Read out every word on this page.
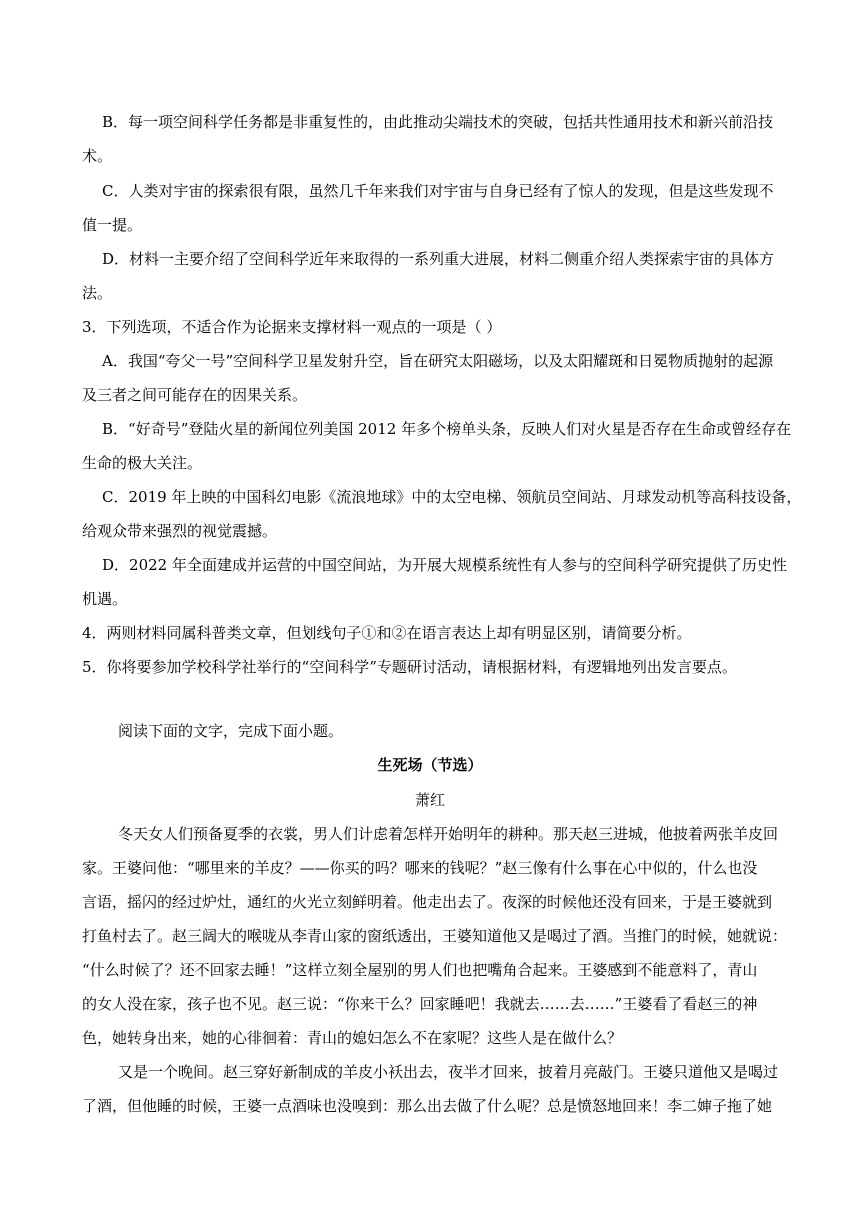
B．每一项空间科学任务都是非重复性的，由此推动尖端技术的突破，包括共性通用技术和新兴前沿技
术。
C．人类对宇宙的探索很有限，虽然几千年来我们对宇宙与自身已经有了惊人的发现，但是这些发现不
值一提。
D．材料一主要介绍了空间科学近年来取得的一系列重大进展，材料二侧重介绍人类探索宇宙的具体方
法。
3．下列选项，不适合作为论据来支撑材料一观点的一项是（ ）
A．我国“夸父一号”空间科学卫星发射升空，旨在研究太阳磁场，以及太阳耀斑和日冕物质抛射的起源
及三者之间可能存在的因果关系。
B．“好奇号”登陆火星的新闻位列美国 2012 年多个榜单头条，反映人们对火星是否存在生命或曾经存在
生命的极大关注。
C．2019 年上映的中国科幻电影《流浪地球》中的太空电梯、领航员空间站、月球发动机等高科技设备，
给观众带来强烈的视觉震撼。
D．2022 年全面建成并运营的中国空间站，为开展大规模系统性有人参与的空间科学研究提供了历史性
机遇。
4．两则材料同属科普类文章，但划线句子①和②在语言表达上却有明显区别，请简要分析。
5．你将要参加学校科学社举行的“空间科学”专题研讨活动，请根据材料，有逻辑地列出发言要点。
阅读下面的文字，完成下面小题。
生死场（节选）
萧红
冬天女人们预备夏季的衣裳，男人们计虑着怎样开始明年的耕种。那天赵三进城，他披着两张羊皮回
家。王婆问他：“哪里来的羊皮？——你买的吗？哪来的钱呢？”赵三像有什么事在心中似的，什么也没
言语，摇闪的经过炉灶，通红的火光立刻鲜明着。他走出去了。夜深的时候他还没有回来，于是王婆就到
打鱼村去了。赵三阔大的喉咙从李青山家的窗纸透出，王婆知道他又是喝过了酒。当推门的时候，她就说：
“什么时候了？还不回家去睡！”这样立刻全屋别的男人们也把嘴角合起来。王婆感到不能意料了，青山
的女人没在家，孩子也不见。赵三说：“你来干么？回家睡吧！我就去……去……”王婆看了看赵三的神
色，她转身出来，她的心徘徊着：青山的媳妇怎么不在家呢？这些人是在做什么？
又是一个晚间。赵三穿好新制成的羊皮小袄出去，夜半才回来，披着月亮敲门。王婆只道他又是喝过
了酒，但他睡的时候，王婆一点酒味也没嗅到：那么出去做了什么呢？总是愤怒地回来！李二婶子拖了她
